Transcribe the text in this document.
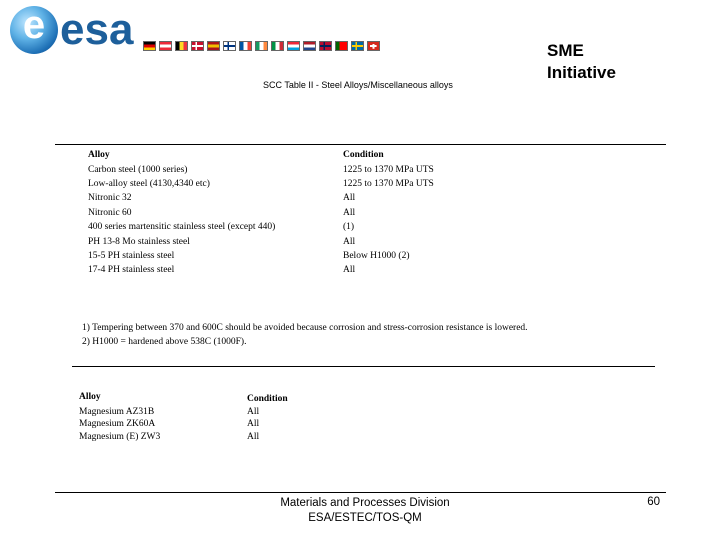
e
esa	SME
Initiative
SCC Table II - Steel Alloys/Miscellaneous alloys
Alloy	Condition
Carbon steel (1000 series)	1225 to 1370 MPa UTS
Low-alloy steel (4130,4340 etc)	1225 to 1370 MPa UTS
Nitronic 32	All
Nitronic 60	All
400 series martensitic stainless steel (except 440)	(1)
PH 13-8 Mo stainless steel	All
15-5 PH stainless steel	Below H1000 (2)
17-4 PH stainless steel	All
1) Tempering between 370 and 600C should be avoided because corrosion and stress-corrosion resistance is lowered.
2) H1000 = hardened above 538C (1000F).
Alloy	Condition
Magnesium AZ31B	All
Magnesium ZK60A	All
Magnesium (E) ZW3	All
Materials and Processes Division
ESA/ESTEC/TOS-QM
60
